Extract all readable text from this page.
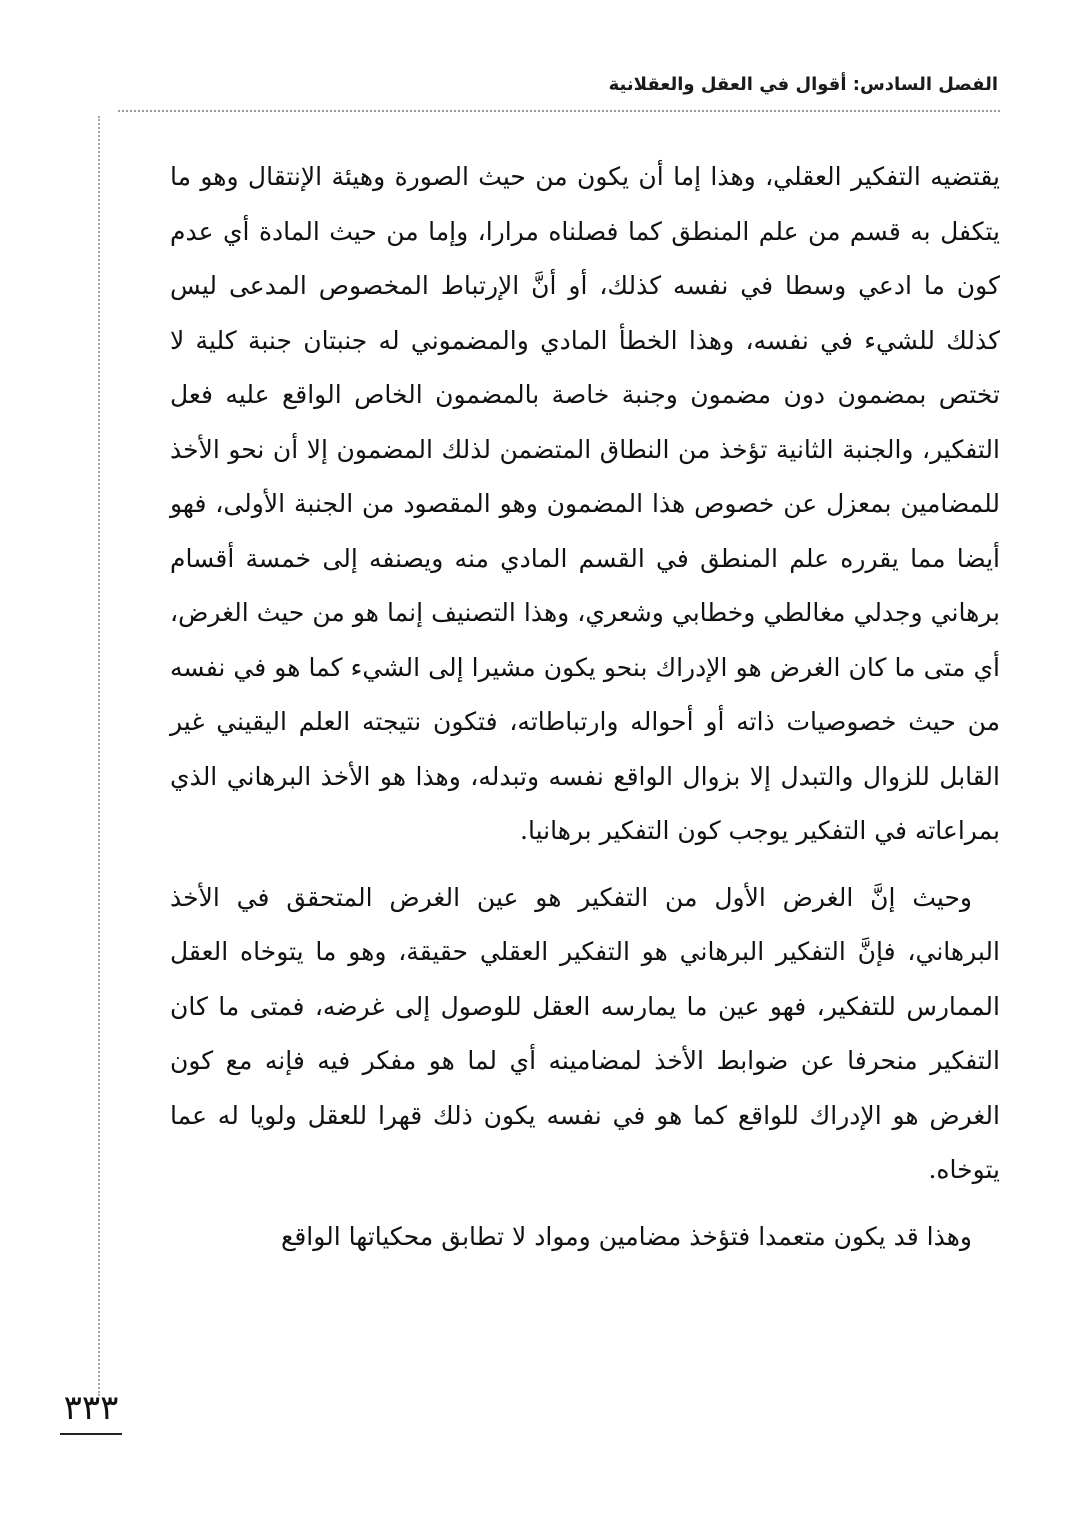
الفصل السادس: أقوال في العقل والعقلانية

يقتضيه التفكير العقلي، وهذا إما أن يكون من حيث الصورة وهيئة الإنتقال وهو ما يتكفل به قسم من علم المنطق كما فصلناه مرارا، وإما من حيث المادة أي عدم كون ما ادعي وسطا في نفسه كذلك، أو أنَّ الإرتباط المخصوص المدعى ليس كذلك للشيء في نفسه، وهذا الخطأ المادي والمضموني له جنبتان جنبة كلية لا تختص بمضمون دون مضمون وجنبة خاصة بالمضمون الخاص الواقع عليه فعل التفكير، والجنبة الثانية تؤخذ من النطاق المتضمن لذلك المضمون إلا أن نحو الأخذ للمضامين بمعزل عن خصوص هذا المضمون وهو المقصود من الجنبة الأولى، فهو أيضا مما يقرره علم المنطق في القسم المادي منه ويصنفه إلى خمسة أقسام برهاني وجدلي مغالطي وخطابي وشعري، وهذا التصنيف إنما هو من حيث الغرض، أي متى ما كان الغرض هو الإدراك بنحو يكون مشيرا إلى الشيء كما هو في نفسه من حيث خصوصيات ذاته أو أحواله وارتباطاته، فتكون نتيجته العلم اليقيني غير القابل للزوال والتبدل إلا بزوال الواقع نفسه وتبدله، وهذا هو الأخذ البرهاني الذي بمراعاته في التفكير يوجب كون التفكير برهانيا.

وحيث إنَّ الغرض الأول من التفكير هو عين الغرض المتحقق في الأخذ البرهاني، فإنَّ التفكير البرهاني هو التفكير العقلي حقيقة، وهو ما يتوخاه العقل الممارس للتفكير، فهو عين ما يمارسه العقل للوصول إلى غرضه، فمتى ما كان التفكير منحرفا عن ضوابط الأخذ لمضامينه أي لما هو مفكر فيه فإنه مع كون الغرض هو الإدراك للواقع كما هو في نفسه يكون ذلك قهرا للعقل ولويا له عما يتوخاه.

وهذا قد يكون متعمدا فتؤخذ مضامين ومواد لا تطابق محكياتها الواقع

٣٣٣
